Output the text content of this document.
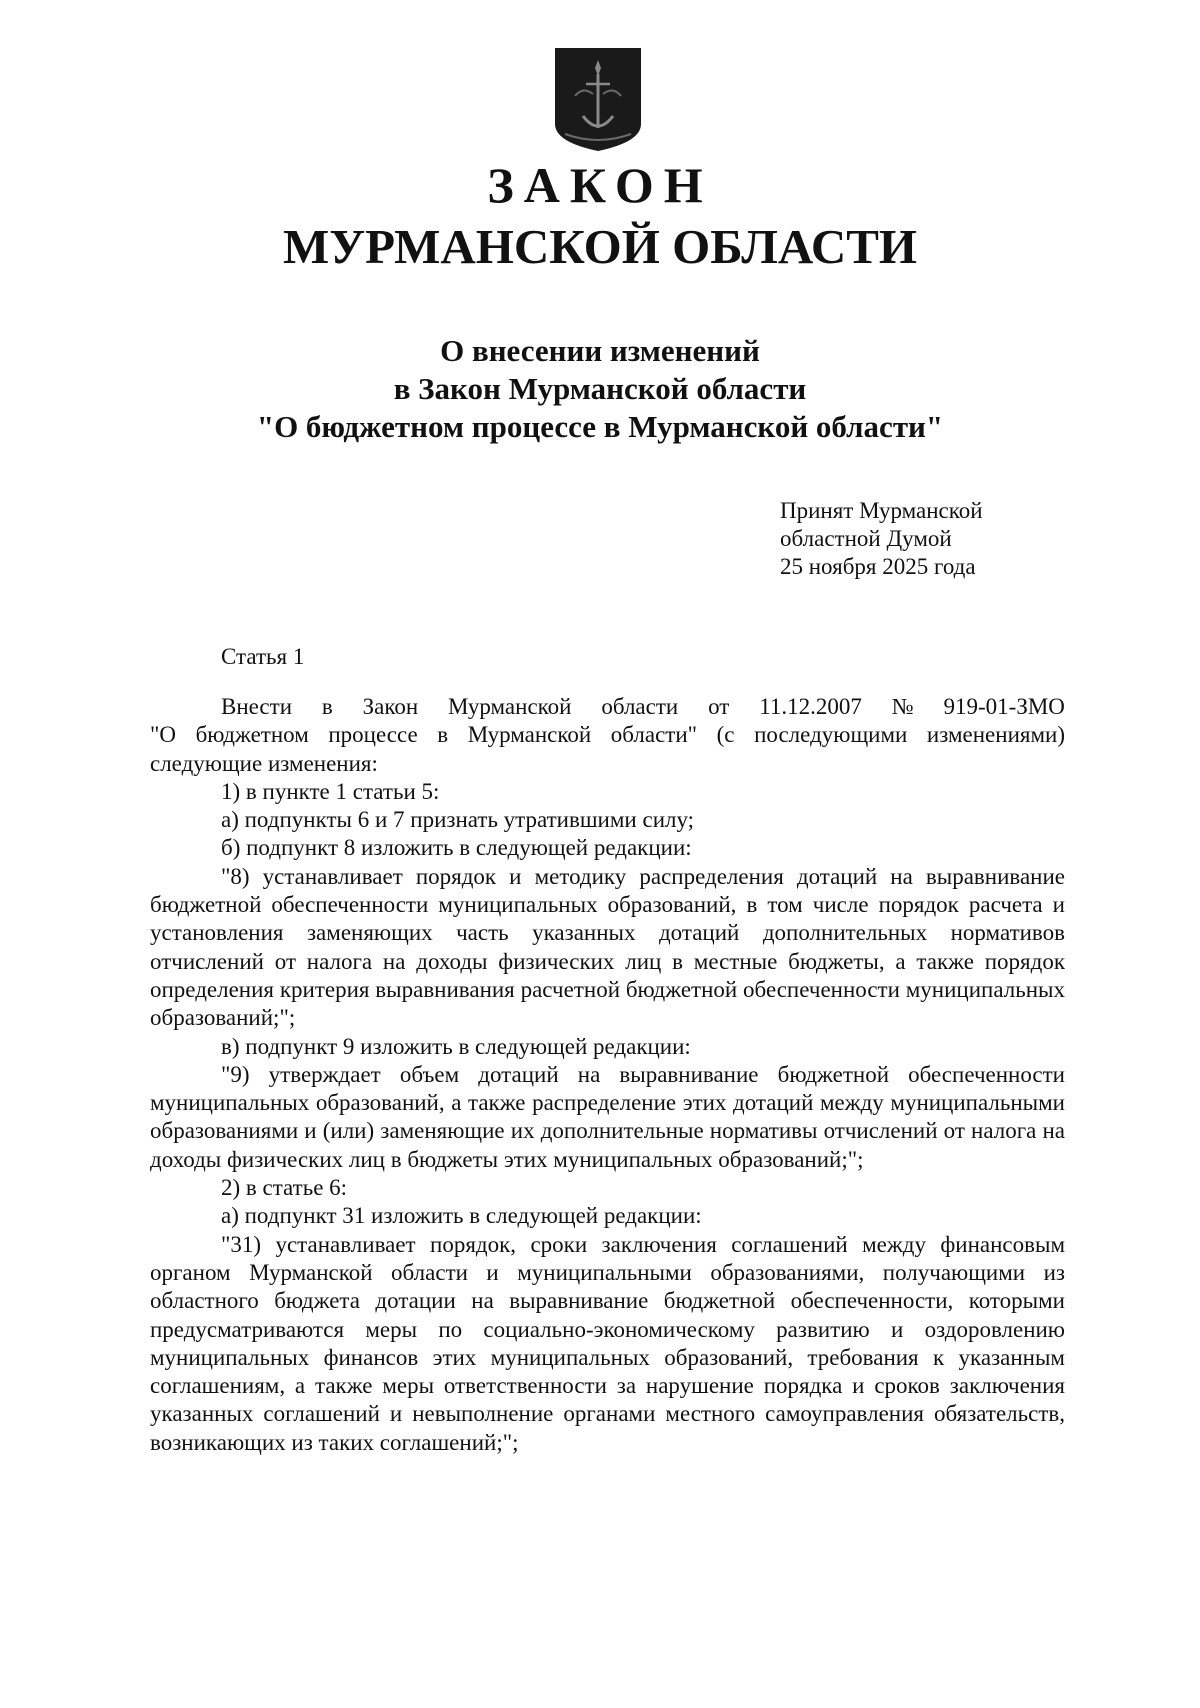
ЗАКОН
МУРМАНСКОЙ ОБЛАСТИ
О внесении изменений
в Закон Мурманской области
"О бюджетном процессе в Мурманской области"
Принят Мурманской
областной Думой
25 ноября 2025 года
Статья 1
Внести в Закон Мурманской области от 11.12.2007 № 919-01-ЗМО

"О бюджетном процессе в Мурманской области" (с последующими изменениями) следующие изменения:

1) в пункте 1 статьи 5:

а) подпункты 6 и 7 признать утратившими силу;

б) подпункт 8 изложить в следующей редакции:

"8) устанавливает порядок и методику распределения дотаций на выравнивание бюджетной обеспеченности муниципальных образований, в том числе порядок расчета и установления заменяющих часть указанных дотаций дополнительных нормативов отчислений от налога на доходы физических лиц в местные бюджеты, а также порядок определения критерия выравнивания расчетной бюджетной обеспеченности муниципальных образований;";

в) подпункт 9 изложить в следующей редакции:

"9) утверждает объем дотаций на выравнивание бюджетной обеспеченности муниципальных образований, а также распределение этих дотаций между муниципальными образованиями и (или) заменяющие их дополнительные нормативы отчислений от налога на доходы физических лиц в бюджеты этих муниципальных образований;";

2) в статье 6:

а) подпункт 31 изложить в следующей редакции:

"31) устанавливает порядок, сроки заключения соглашений между финансовым органом Мурманской области и муниципальными образованиями, получающими из областного бюджета дотации на выравнивание бюджетной обеспеченности, которыми предусматриваются меры по социально-экономическому развитию и оздоровлению муниципальных финансов этих муниципальных образований, требования к указанным соглашениям, а также меры ответственности за нарушение порядка и сроков заключения указанных соглашений и невыполнение органами местного самоуправления обязательств, возникающих из таких соглашений;";
